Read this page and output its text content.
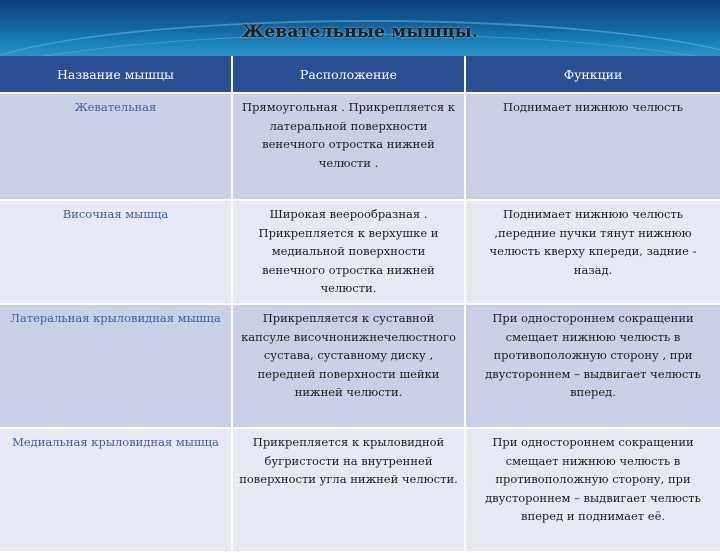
Жевательные мышцы.
Название мышцы	Расположение	Функции
Жевательная	Прямоугольная . Прикрепляется к латеральной поверхности венечного отростка нижней челюсти .	Поднимает нижнюю челюсть
Височная мышца	Широкая веерообразная . Прикрепляется к верхушке и медиальной поверхности венечного отростка нижней челюсти.	Поднимает нижнюю челюсть ,передние пучки тянут нижнюю челюсть кверху кпереди, задние - назад.
Латеральная крыловидная мышца	Прикрепляется к суставной капсуле височнонижнечелюстного сустава, суставному диску , передней поверхности шейки нижней челюсти.	При одностороннем сокращении смещает нижнюю челюсть в противоположную сторону , при двустороннем – выдвигает челюсть вперед.
Медиальная крыловидная мышца	Прикрепляется к крыловидной бугристости на внутренней поверхности угла нижней челюсти.	При одностороннем сокращении смещает нижнюю челюсть в противоположную сторону, при двустороннем – выдвигает челюсть вперед и поднимает её.
